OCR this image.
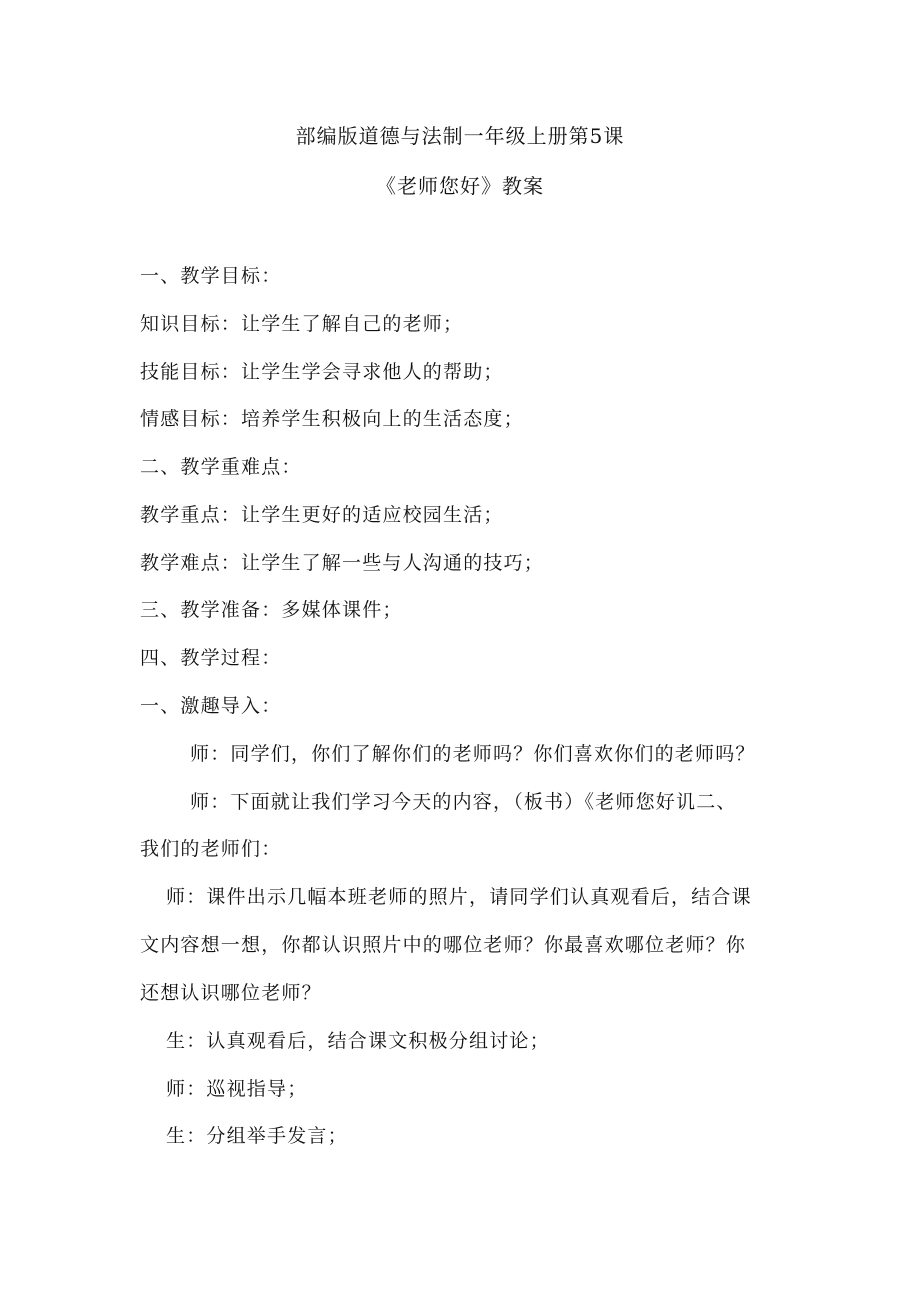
部编版道德与法制一年级上册第5课
《老师您好》教案
一、教学目标：
知识目标：让学生了解自己的老师；
技能目标：让学生学会寻求他人的帮助；
情感目标：培养学生积极向上的生活态度；
二、教学重难点：
教学重点：让学生更好的适应校园生活；
教学难点：让学生了解一些与人沟通的技巧；
三、教学准备：多媒体课件；
四、教学过程：
一、激趣导入：
师：同学们，你们了解你们的老师吗？你们喜欢你们的老师吗？
师：下面就让我们学习今天的内容，（板书）《老师您好讥二、
我们的老师们：
师：课件出示几幅本班老师的照片，请同学们认真观看后，结合课
文内容想一想，你都认识照片中的哪位老师？你最喜欢哪位老师？你
还想认识哪位老师？
生：认真观看后，结合课文积极分组讨论；
师：巡视指导；
生：分组举手发言；
